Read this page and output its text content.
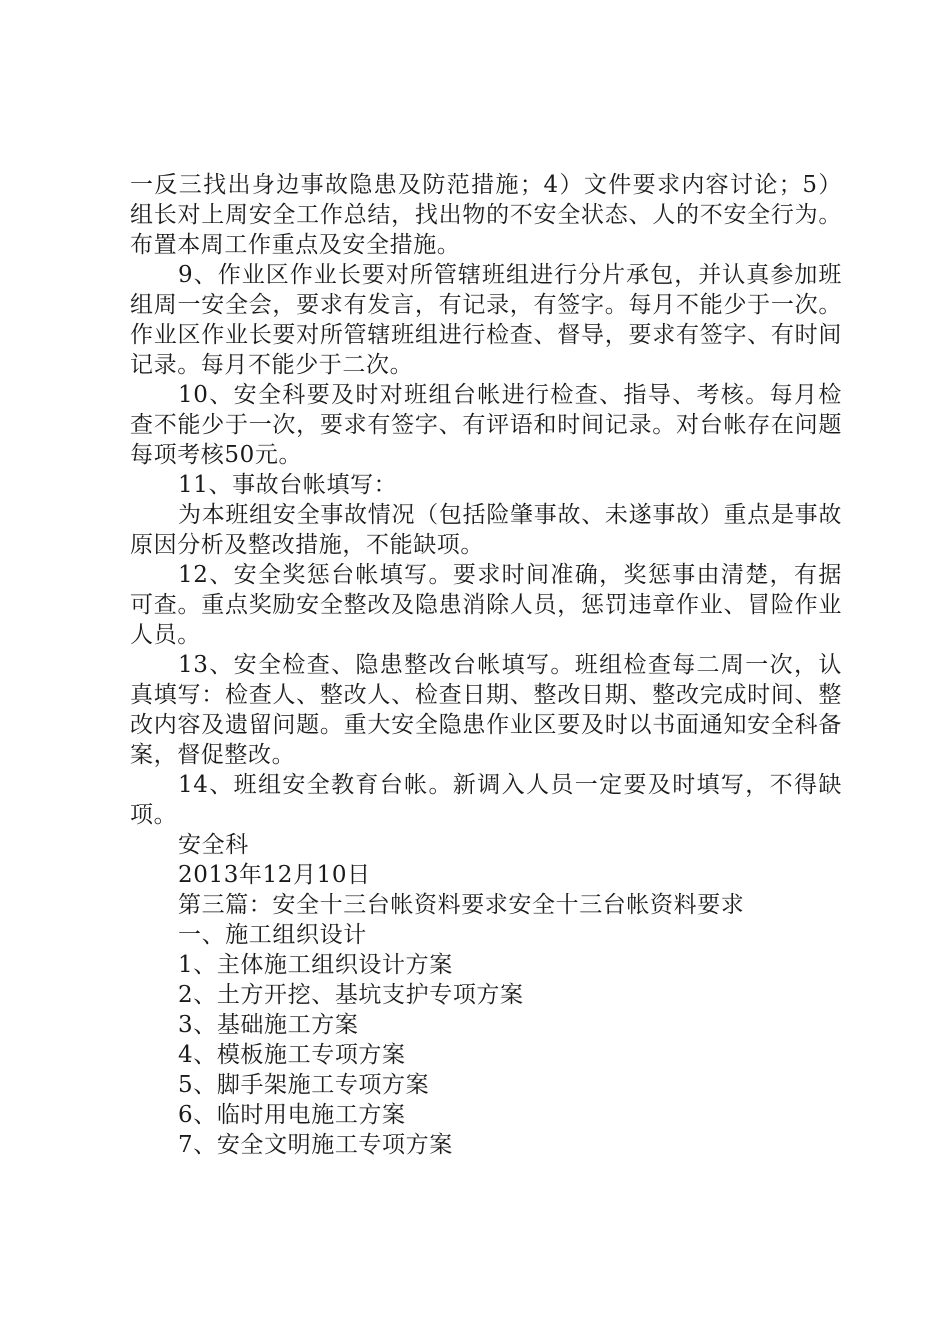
一反三找出身边事故隐患及防范措施；4）文件要求内容讨论；5）组长对上周安全工作总结，找出物的不安全状态、人的不安全行为。布置本周工作重点及安全措施。

9、作业区作业长要对所管辖班组进行分片承包，并认真参加班组周一安全会，要求有发言，有记录，有签字。每月不能少于一次。作业区作业长要对所管辖班组进行检查、督导，要求有签字、有时间记录。每月不能少于二次。

10、安全科要及时对班组台帐进行检查、指导、考核。每月检查不能少于一次，要求有签字、有评语和时间记录。对台帐存在问题每项考核50元。

11、事故台帐填写：

为本班组安全事故情况（包括险肇事故、未遂事故）重点是事故原因分析及整改措施，不能缺项。

12、安全奖惩台帐填写。要求时间准确，奖惩事由清楚，有据可查。重点奖励安全整改及隐患消除人员，惩罚违章作业、冒险作业人员。

13、安全检查、隐患整改台帐填写。班组检查每二周一次，认真填写：检查人、整改人、检查日期、整改日期、整改完成时间、整改内容及遗留问题。重大安全隐患作业区要及时以书面通知安全科备案，督促整改。

14、班组安全教育台帐。新调入人员一定要及时填写，不得缺项。

安全科
2013年12月10日
第三篇：安全十三台帐资料要求安全十三台帐资料要求
一、施工组织设计
1、主体施工组织设计方案
2、土方开挖、基坑支护专项方案
3、基础施工方案
4、模板施工专项方案
5、脚手架施工专项方案
6、临时用电施工方案
7、安全文明施工专项方案
